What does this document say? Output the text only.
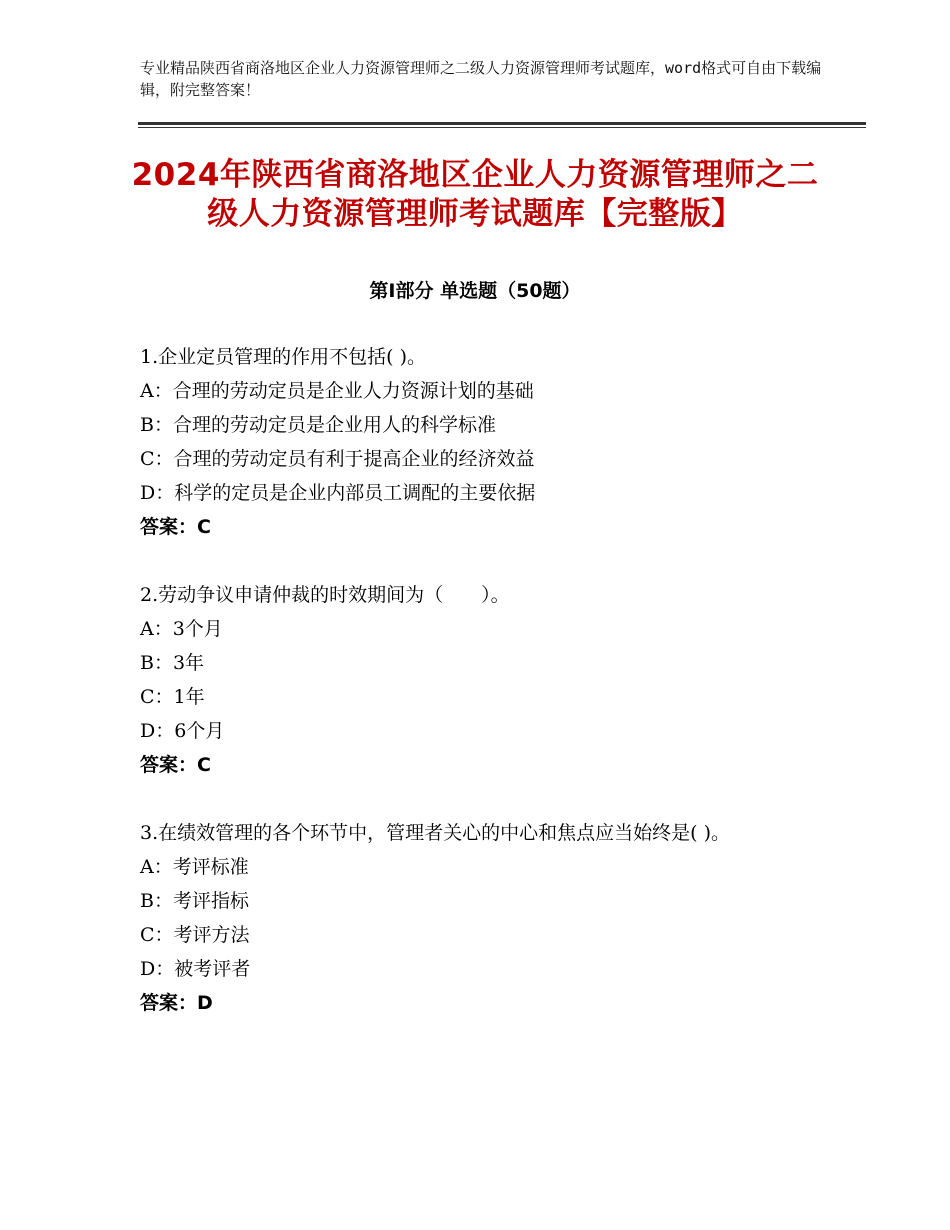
专业精品陕西省商洛地区企业人力资源管理师之二级人力资源管理师考试题库，word格式可自由下载编辑，附完整答案！
2024年陕西省商洛地区企业人力资源管理师之二级人力资源管理师考试题库【完整版】
第Ⅰ部分 单选题（50题）
1.企业定员管理的作用不包括( )。
A：合理的劳动定员是企业人力资源计划的基础
B：合理的劳动定员是企业用人的科学标准
C：合理的劳动定员有利于提高企业的经济效益
D：科学的定员是企业内部员工调配的主要依据
答案：C
2.劳动争议申请仲裁的时效期间为（　　）。
A：3个月
B：3年
C：1年
D：6个月
答案：C
3.在绩效管理的各个环节中，管理者关心的中心和焦点应当始终是( )。
A：考评标准
B：考评指标
C：考评方法
D：被考评者
答案：D
